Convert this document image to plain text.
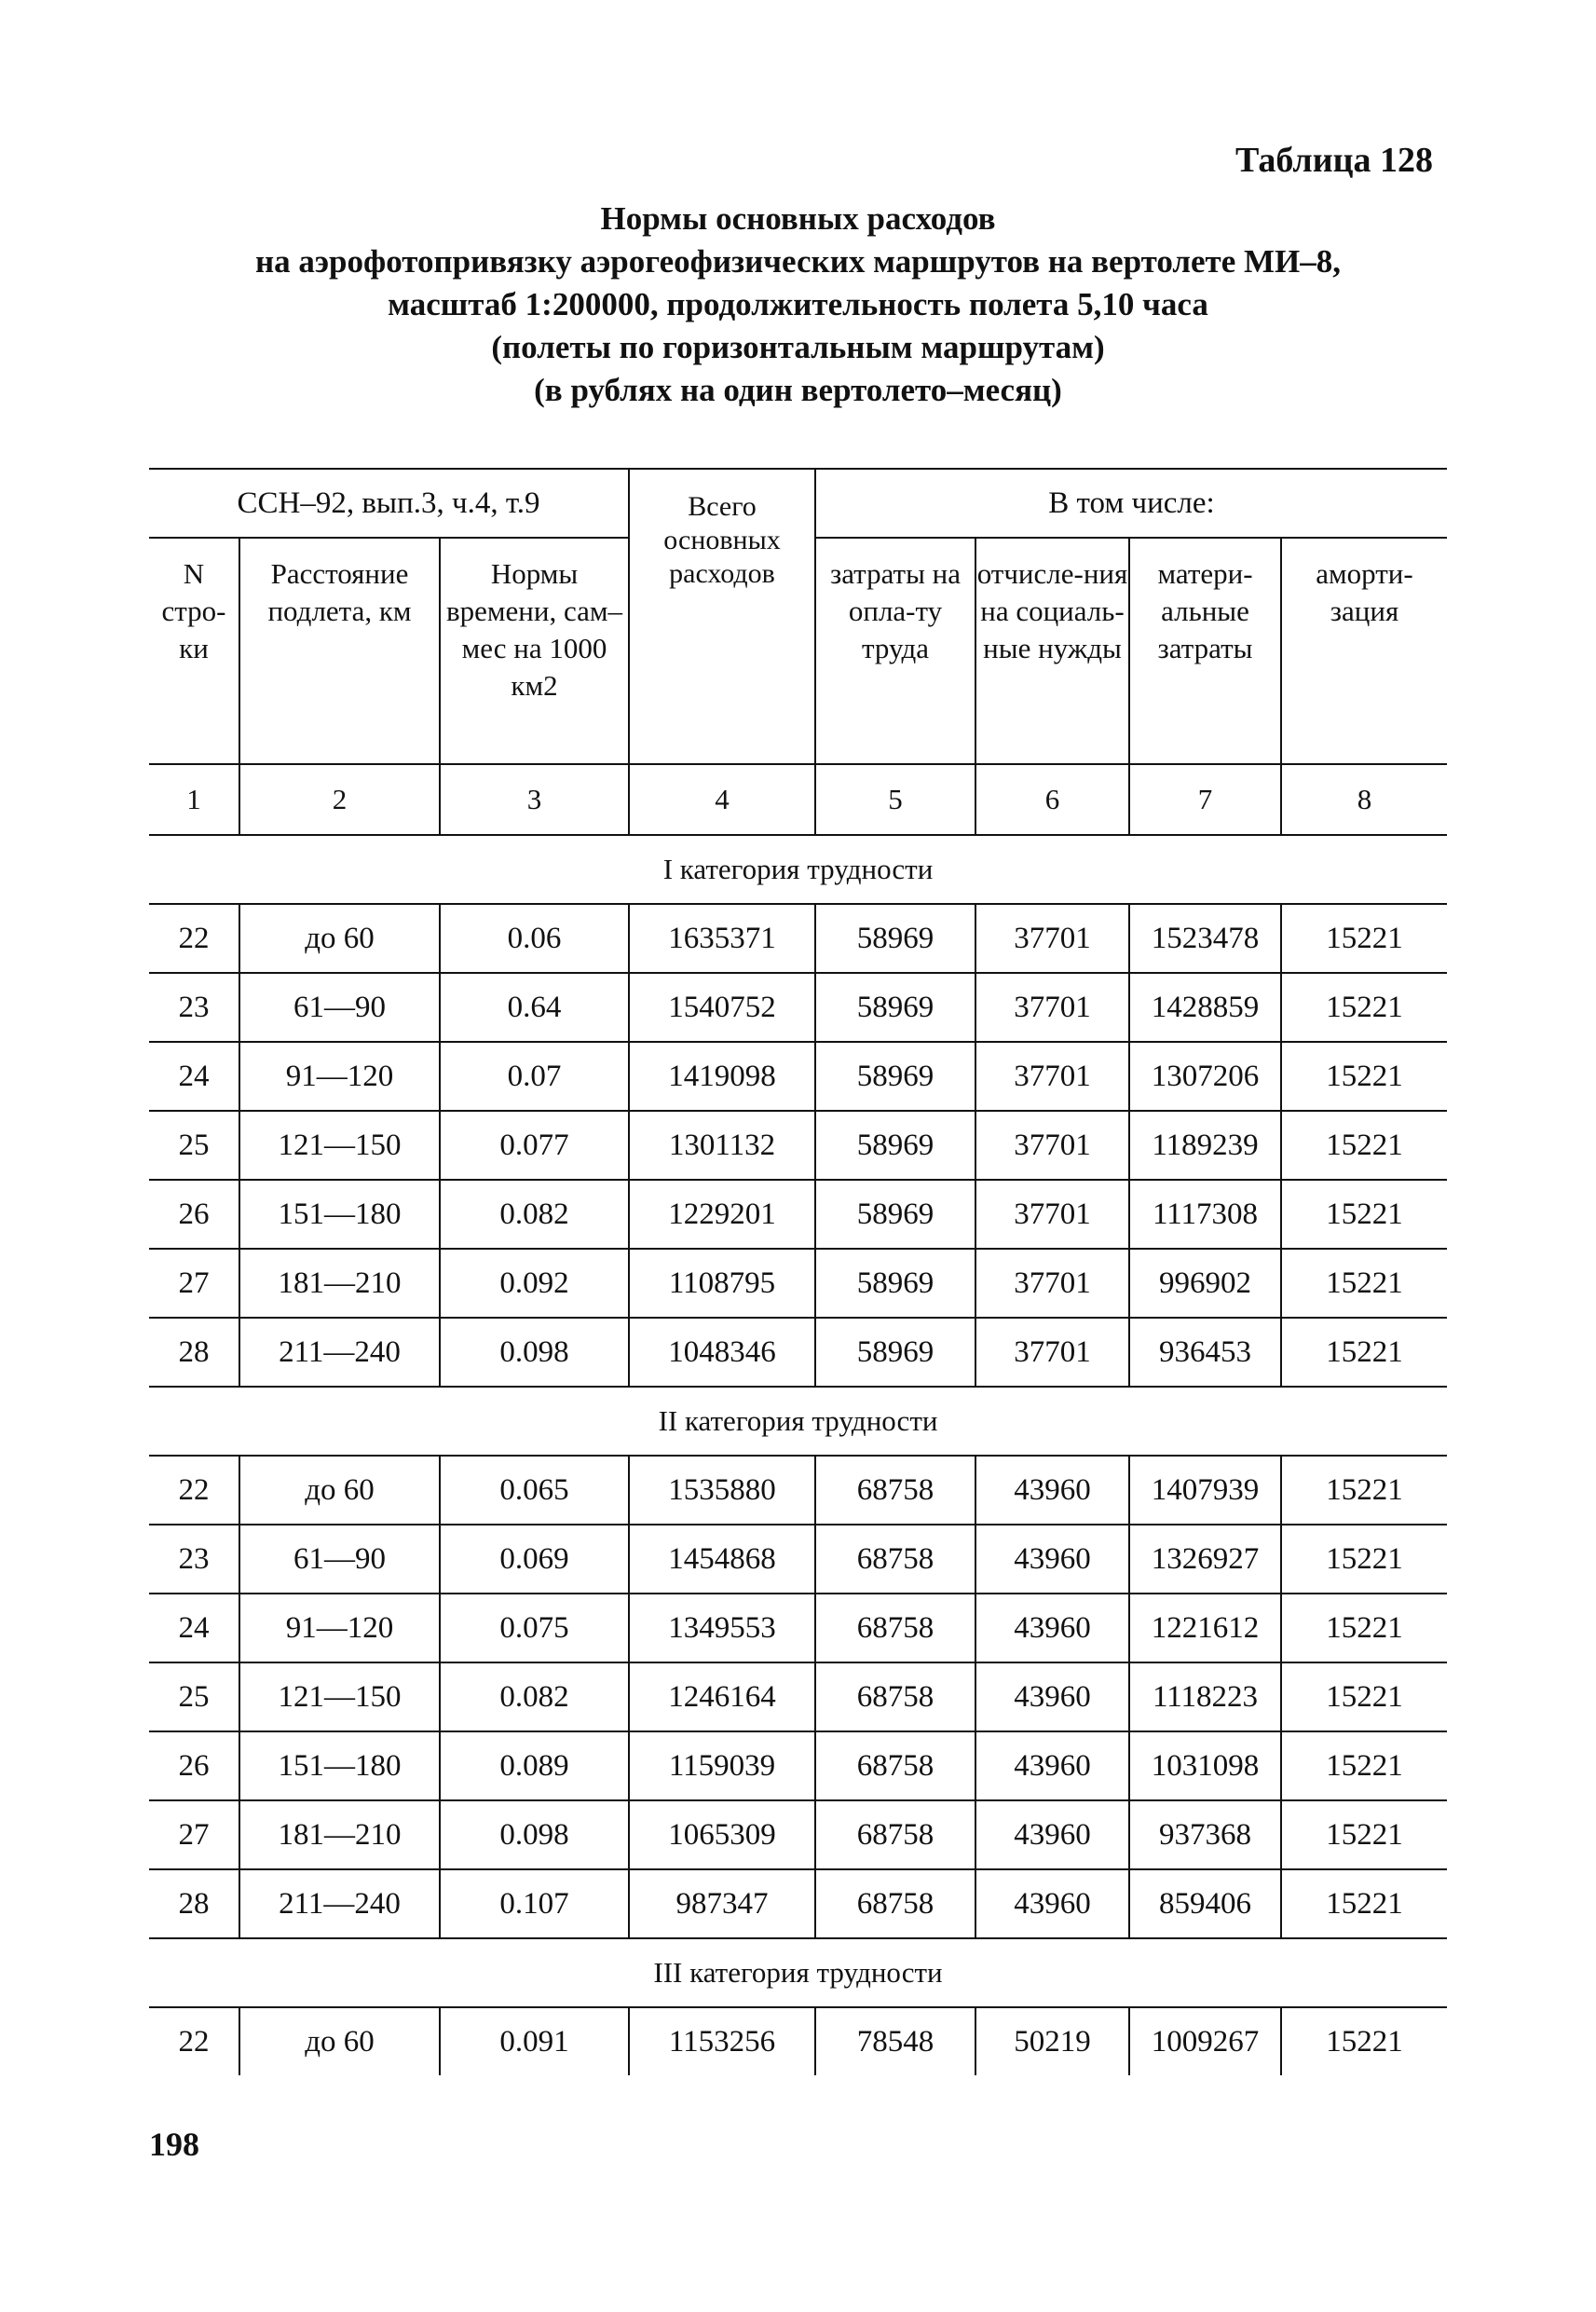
Таблица 128
Нормы основных расходов
на аэрофотопривязку аэрогеофизических маршрутов на вертолете МИ–8,
масштаб 1:200000, продолжительность полета 5,10 часа
(полеты по горизонтальным маршрутам)
(в рублях на один вертолето–месяц)
ССН–92, вып.3, ч.4, т.9			Всего основных расходов	В том числе:			
N стро-ки	Расстояние подлета, км	Нормы времени, сам–мес на 1000 км2		затраты на опла-ту труда	отчисле-ния на социаль-ные нужды	матери-альные затраты	аморти-зация
1	2	3	4	5	6	7	8
I категория трудности							
22	до 60	0.06	1635371	58969	37701	1523478	15221
23	61—90	0.64	1540752	58969	37701	1428859	15221
24	91—120	0.07	1419098	58969	37701	1307206	15221
25	121—150	0.077	1301132	58969	37701	1189239	15221
26	151—180	0.082	1229201	58969	37701	1117308	15221
27	181—210	0.092	1108795	58969	37701	996902	15221
28	211—240	0.098	1048346	58969	37701	936453	15221
II категория трудности							
22	до 60	0.065	1535880	68758	43960	1407939	15221
23	61—90	0.069	1454868	68758	43960	1326927	15221
24	91—120	0.075	1349553	68758	43960	1221612	15221
25	121—150	0.082	1246164	68758	43960	1118223	15221
26	151—180	0.089	1159039	68758	43960	1031098	15221
27	181—210	0.098	1065309	68758	43960	937368	15221
28	211—240	0.107	987347	68758	43960	859406	15221
III категория трудности							
22	до 60	0.091	1153256	78548	50219	1009267	15221
198
